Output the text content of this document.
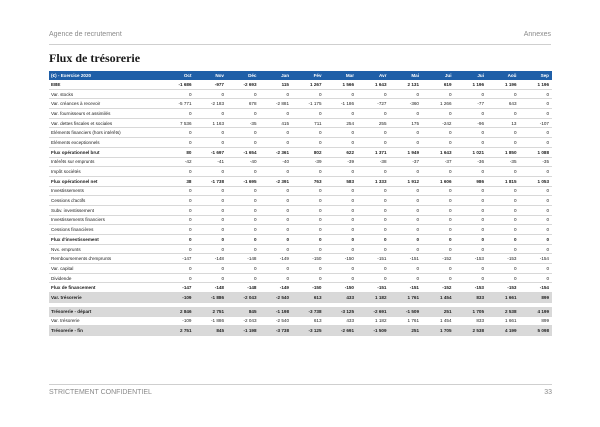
Agence de recrutement	Annexes
Flux de trésorerie
(€) - Exercice 2020	Oct	Nov	Déc	Jan	Fév	Mar	Avr	Mai	Jui	Jui	Aoû	Sep
EBE	-1 686	-977	-2 693	115	1 267	1 566	1 643	2 131	619	1 196	1 196	1 196
Var. stocks	0	0	0	0	0	0	0	0	0	0	0	0
Var. créances à recevoir	-5 771	-2 183	678	-2 881	-1 175	-1 186	-727	-360	1 266	-77	643	0
Var. fournisseurs et assimilés	0	0	0	0	0	0	0	0	0	0	0	0
Var. dettes fiscales et sociales	7 536	1 163	-35	415	711	254	255	175	-242	-96	13	-107
Eléments financiers (hors intérêts)	0	0	0	0	0	0	0	0	0	0	0	0
Eléments exceptionnels	0	0	0	0	0	0	0	0	0	0	0	0
Flux opérationnel brut	80	-1 697	-1 654	-2 361	802	622	1 371	1 949	1 643	1 021	1 850	1 088
Intérêts sur emprunts	-42	-41	-40	-40	-39	-39	-38	-37	-37	-36	-35	-35
Impôt sociétés	0	0	0	0	0	0	0	0	0	0	0	0
Flux opérationnel net	38	-1 738	-1 695	-2 391	763	583	1 333	1 912	1 606	986	1 815	1 053
Investissements	0	0	0	0	0	0	0	0	0	0	0	0
Cessions d'actifs	0	0	0	0	0	0	0	0	0	0	0	0
Subv. investissement	0	0	0	0	0	0	0	0	0	0	0	0
Investissements financiers	0	0	0	0	0	0	0	0	0	0	0	0
Cessions financières	0	0	0	0	0	0	0	0	0	0	0	0
Flux d'investissement	0	0	0	0	0	0	0	0	0	0	0	0
Nvx. emprunts	0	0	0	0	0	0	0	0	0	0	0	0
Remboursements d'emprunts	-147	-148	-148	-149	-150	-150	-151	-151	-152	-153	-153	-154
Var. capital	0	0	0	0	0	0	0	0	0	0	0	0
Dividende	0	0	0	0	0	0	0	0	0	0	0	0
Flux de financement	-147	-148	-148	-149	-150	-150	-151	-151	-152	-153	-153	-154
Var. trésorerie	-109	-1 886	-2 043	-2 540	613	433	1 182	1 761	1 454	833	1 661	899

Trésorerie - départ	2 846	2 751	845	-1 198	-3 738	-3 125	-2 691	-1 509	251	1 705	2 538	4 199
Var. trésorerie	-109	-1 886	-2 043	-2 540	613	433	1 182	1 761	1 454	833	1 661	899
Trésorerie - fin	2 751	845	-1 198	-3 738	-3 125	-2 691	-1 509	251	1 705	2 538	4 199	5 098
STRICTEMENT CONFIDENTIEL	33
